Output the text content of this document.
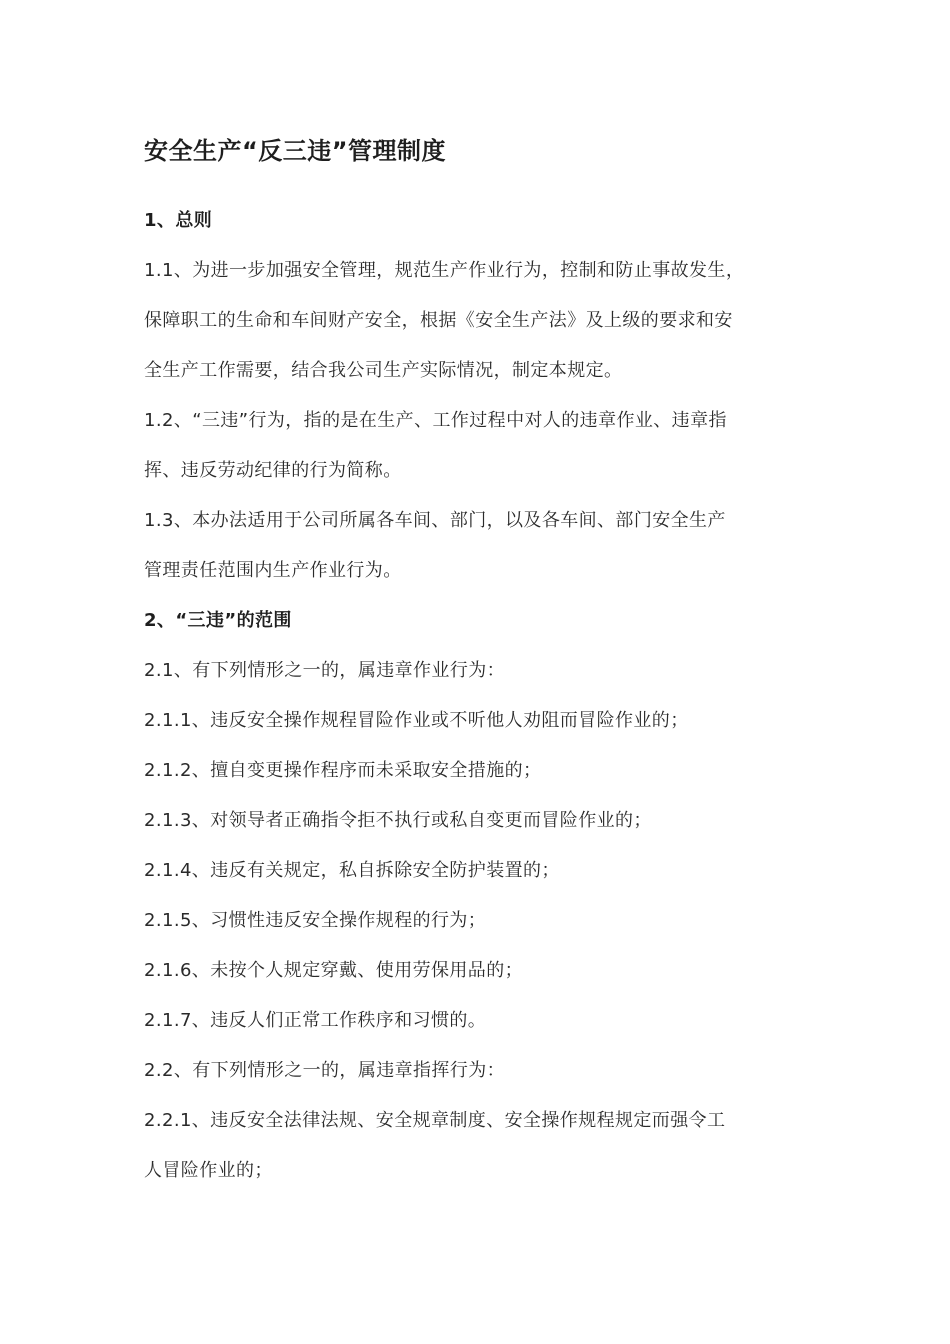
安全生产“反三违”管理制度

1、总则

1.1、为进一步加强安全管理，规范生产作业行为，控制和防止事故发生，
保障职工的生命和车间财产安全，根据《安全生产法》及上级的要求和安
全生产工作需要，结合我公司生产实际情况，制定本规定。

1.2、“三违”行为，指的是在生产、工作过程中对人的违章作业、违章指
挥、违反劳动纪律的行为简称。

1.3、本办法适用于公司所属各车间、部门，以及各车间、部门安全生产
管理责任范围内生产作业行为。

2、“三违”的范围

2.1、有下列情形之一的，属违章作业行为：

2.1.1、违反安全操作规程冒险作业或不听他人劝阻而冒险作业的；

2.1.2、擅自变更操作程序而未采取安全措施的；

2.1.3、对领导者正确指令拒不执行或私自变更而冒险作业的；

2.1.4、违反有关规定，私自拆除安全防护装置的；

2.1.5、习惯性违反安全操作规程的行为；

2.1.6、未按个人规定穿戴、使用劳保用品的；

2.1.7、违反人们正常工作秩序和习惯的。

2.2、有下列情形之一的，属违章指挥行为：

2.2.1、违反安全法律法规、安全规章制度、安全操作规程规定而强令工
人冒险作业的；
